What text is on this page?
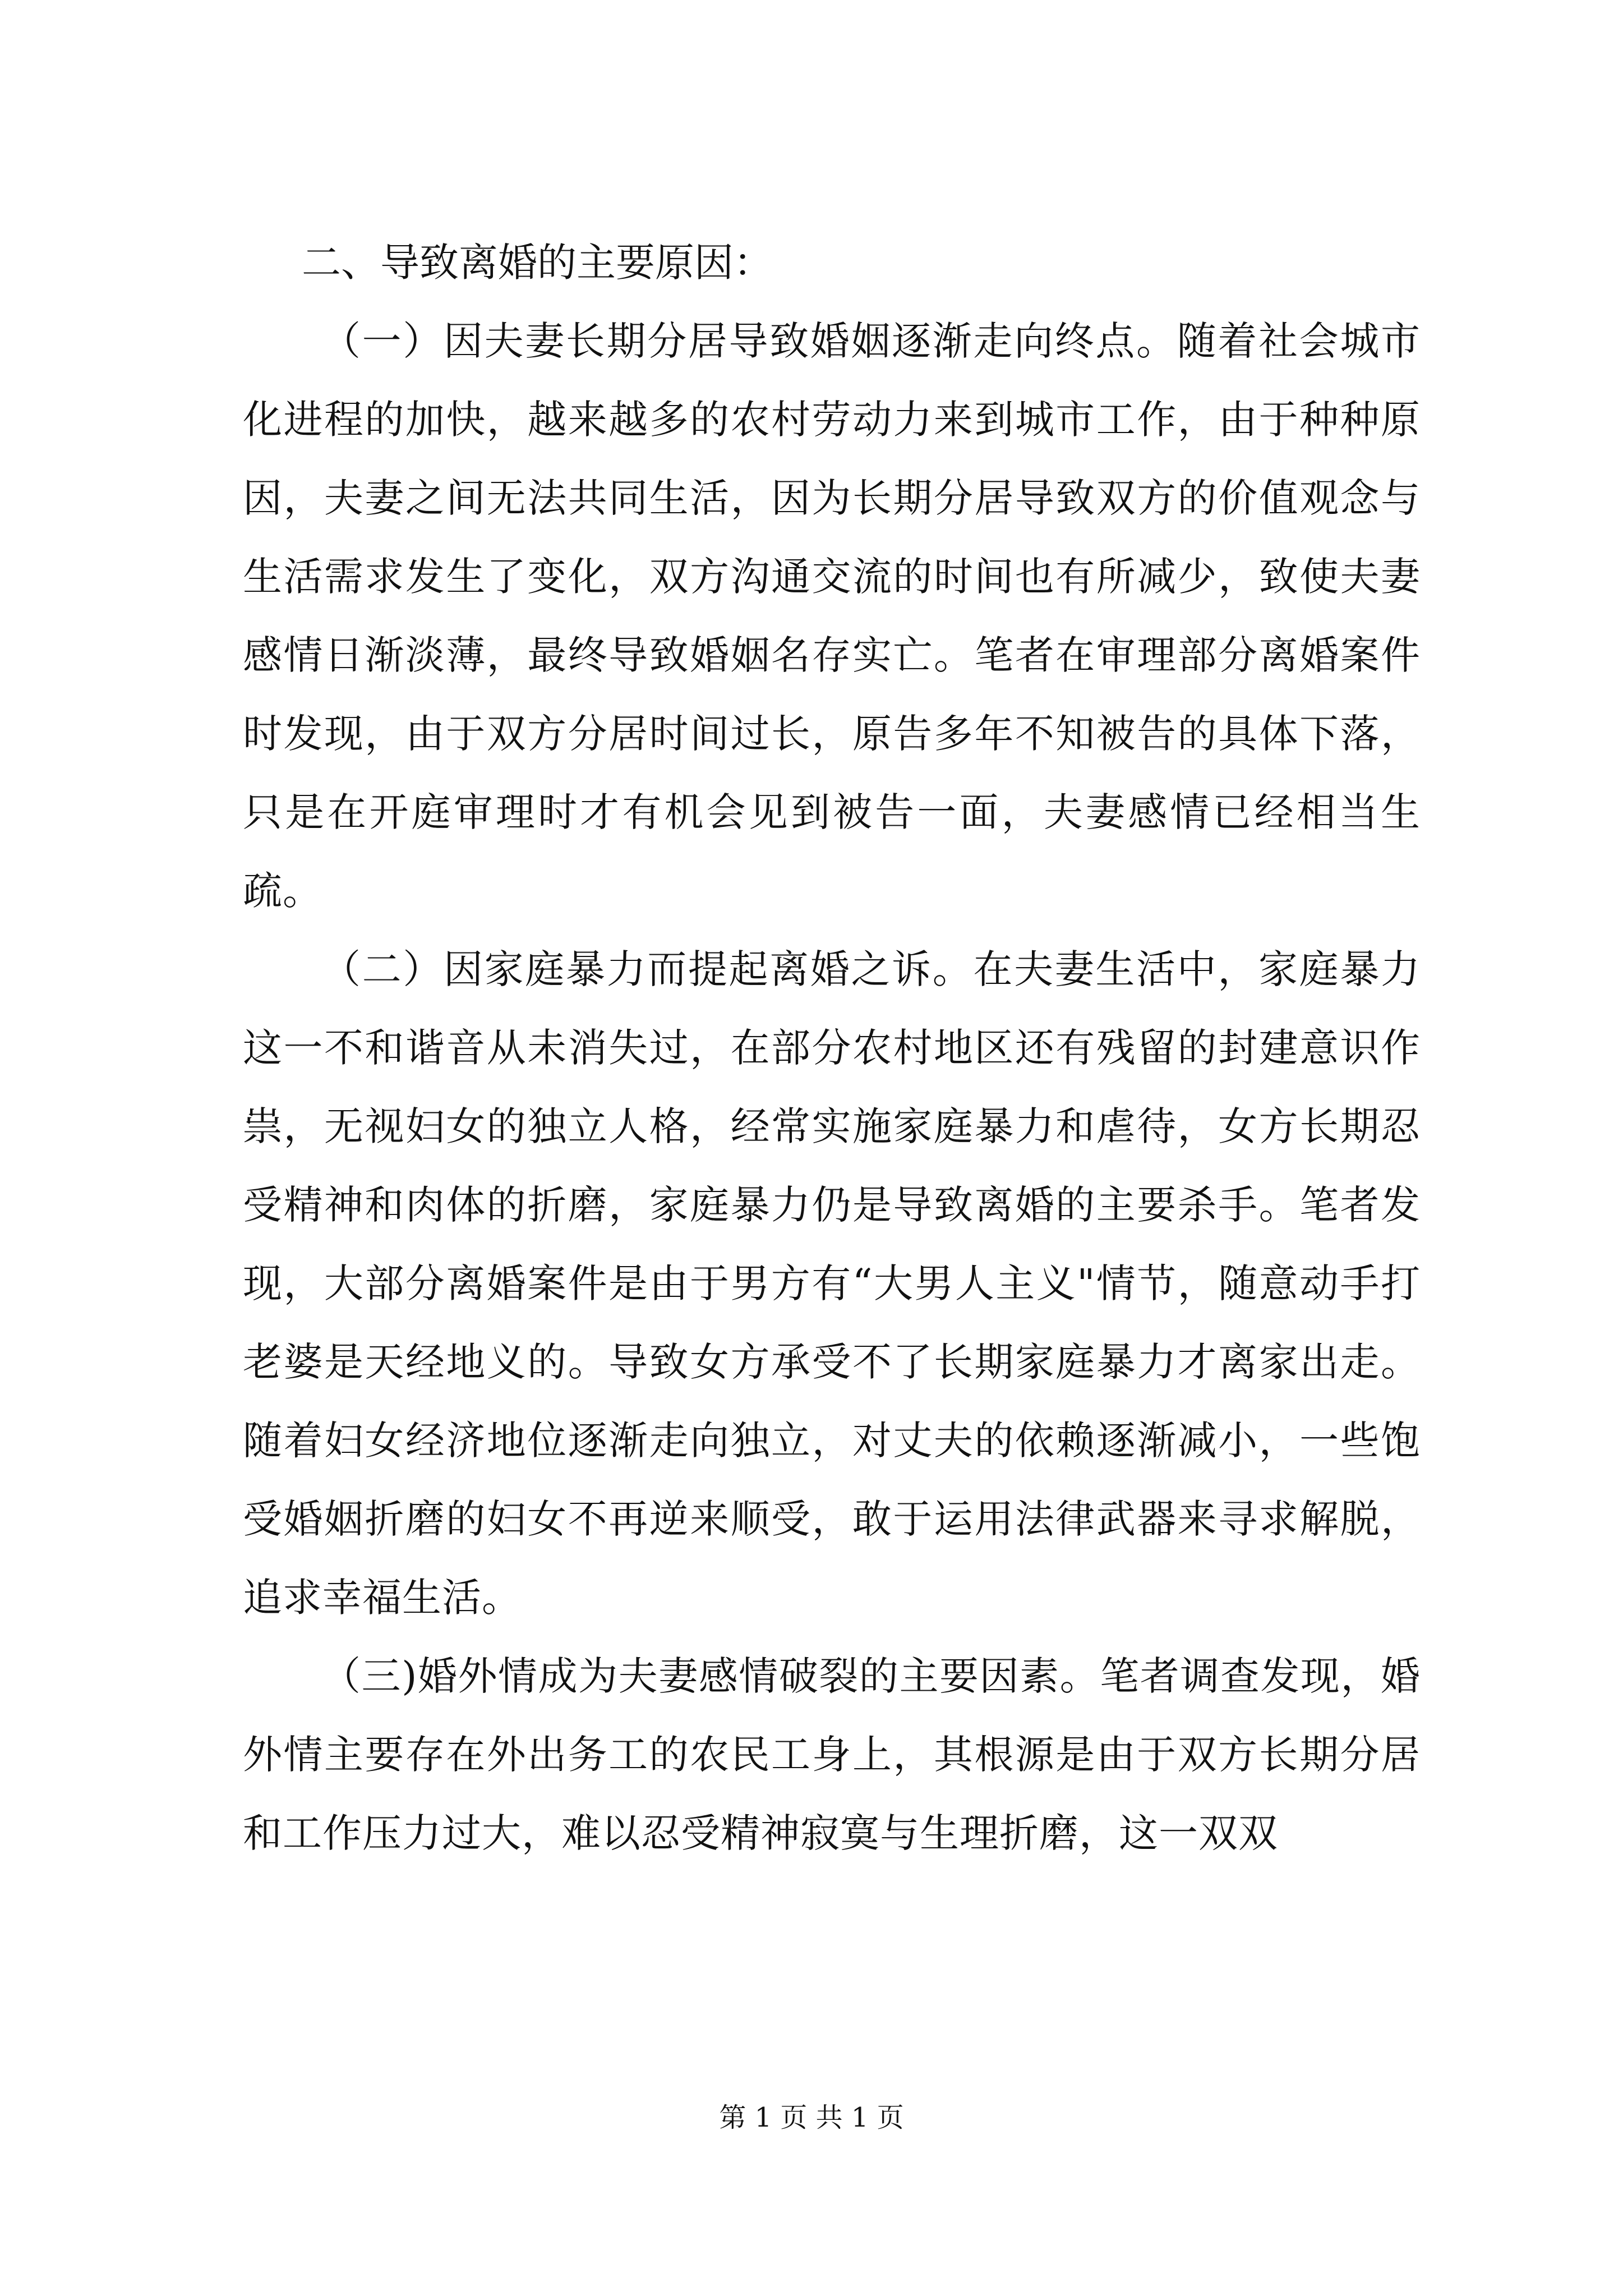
二、导致离婚的主要原因：

（一）因夫妻长期分居导致婚姻逐渐走向终点。随着社会城市化进程的加快，越来越多的农村劳动力来到城市工作，由于种种原因，夫妻之间无法共同生活，因为长期分居导致双方的价值观念与生活需求发生了变化，双方沟通交流的时间也有所减少，致使夫妻感情日渐淡薄，最终导致婚姻名存实亡。笔者在审理部分离婚案件时发现，由于双方分居时间过长，原告多年不知被告的具体下落，只是在开庭审理时才有机会见到被告一面，夫妻感情已经相当生疏。

（二）因家庭暴力而提起离婚之诉。在夫妻生活中，家庭暴力这一不和谐音从未消失过，在部分农村地区还有残留的封建意识作祟，无视妇女的独立人格，经常实施家庭暴力和虐待，女方长期忍受精神和肉体的折磨，家庭暴力仍是导致离婚的主要杀手。笔者发现，大部分离婚案件是由于男方有“大男人主义"情节，随意动手打老婆是天经地义的。导致女方承受不了长期家庭暴力才离家出走。随着妇女经济地位逐渐走向独立，对丈夫的依赖逐渐减小，一些饱受婚姻折磨的妇女不再逆来顺受，敢于运用法律武器来寻求解脱，追求幸福生活。

（三)婚外情成为夫妻感情破裂的主要因素。笔者调查发现，婚外情主要存在外出务工的农民工身上，其根源是由于双方长期分居和工作压力过大，难以忍受精神寂寞与生理折磨，这一双双

第 1 页 共 1 页
